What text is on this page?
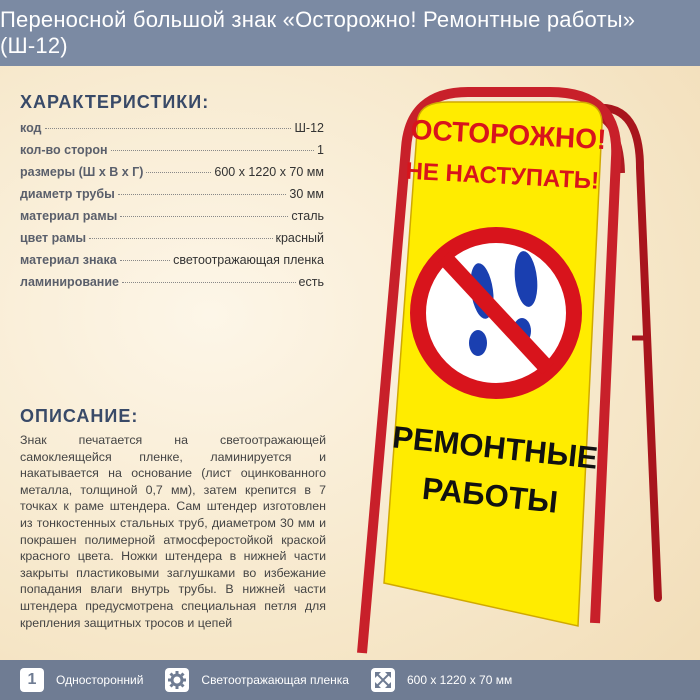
Переносной большой знак «Осторожно! Ремонтные работы» (Ш-12)
ХАРАКТЕРИСТИКИ:
код	Ш-12
кол-во сторон	1
размеры (Ш х В х Г)	600 х 1220 х 70 мм
диаметр трубы	30 мм
материал рамы	сталь
цвет рамы	красный
материал знака	светоотражающая пленка
ламинирование	есть
ОПИСАНИЕ:
Знак печатается на светоотражающей самоклеящейся пленке, ламинируется и накатывается на основание (лист оцинкованного металла, толщиной 0,7 мм), затем крепится в 7 точках к раме штендера. Сам штендер изготовлен из тонкостенных стальных труб, диаметром 30 мм и покрашен полимерной атмосферостойкой краской красного цвета. Ножки штендера в нижней части закрыты пластиковыми заглушками во избежание попадания влаги внутрь трубы. В нижней части штендера предусмотрена специальная петля для крепления защитных тросов и цепей
ОСТОРОЖНО!
НЕ НАСТУПАТЬ!
РЕМОНТНЫЕ
РАБОТЫ
1	Односторонний	Светоотражающая пленка	600 х 1220 х 70 мм
